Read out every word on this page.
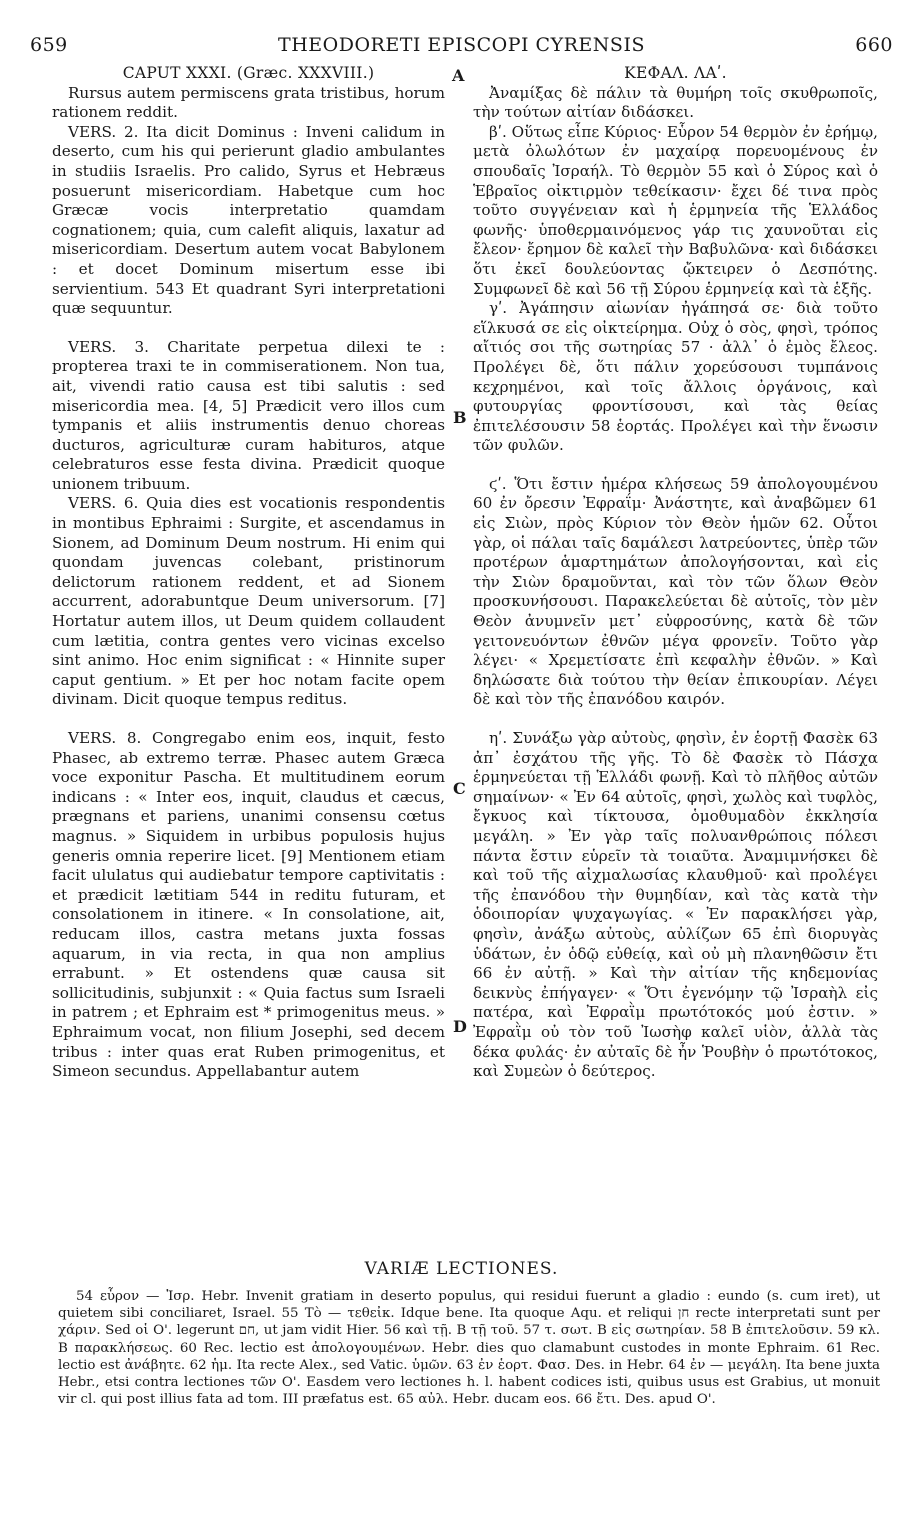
659	THEODORETI EPISCOPI CYRENSIS	660

CAPUT XXXI. (Græc. XXXVIII.)

Rursus autem permiscens grata tristibus, horum rationem reddit.

VERS. 2. Ita dicit Dominus : Inveni calidum in deserto, cum his qui perierunt gladio ambulantes in studiis Israelis. Pro calido, Syrus et Hebræus posuerunt misericordiam. Habetque cum hoc Græcæ vocis interpretatio quamdam cognationem; quia, cum calefit aliquis, laxatur ad misericordiam. Desertum autem vocat Babylonem : et docet Dominum misertum esse ibi servientium. 543 Et quadrant Syri interpretationi quæ sequuntur.

VERS. 3. Charitate perpetua dilexi te : propterea traxi te in commiserationem. Non tua, ait, vivendi ratio causa est tibi salutis : sed misericordia mea. [4, 5] Prædicit vero illos cum tympanis et aliis instrumentis denuo choreas ducturos, agriculturæ curam habituros, atque celebraturos esse festa divina. Prædicit quoque unionem tribuum.

VERS. 6. Quia dies est vocationis respondentis in montibus Ephraimi : Surgite, et ascendamus in Sionem, ad Dominum Deum nostrum. Hi enim qui quondam juvencas colebant, pristinorum delictorum rationem reddent, et ad Sionem accurrent, adorabuntque Deum universorum. [7] Hortatur autem illos, ut Deum quidem collaudent cum lætitia, contra gentes vero vicinas excelso sint animo. Hoc enim significat : « Hinnite super caput gentium. » Et per hoc notam facite opem divinam. Dicit quoque tempus reditus.

VERS. 8. Congregabo enim eos, inquit, festo Phasec, ab extremo terræ. Phasec autem Græca voce exponitur Pascha. Et multitudinem eorum indicans : « Inter eos, inquit, claudus et cæcus, prægnans et pariens, unanimi consensu cœtus magnus. » Siquidem in urbibus populosis hujus generis omnia reperire licet. [9] Mentionem etiam facit ululatus qui audiebatur tempore captivitatis : et prædicit lætitiam 544 in reditu futuram, et consolationem in itinere. « In consolatione, ait, reducam illos, castra metans juxta fossas aquarum, in via recta, in qua non amplius errabunt. » Et ostendens quæ causa sit sollicitudinis, subjunxit : « Quia factus sum Israeli in patrem ; et Ephraim est * primogenitus meus. » Ephraimum vocat, non filium Josephi, sed decem tribus : inter quas erat Ruben primogenitus, et Simeon secundus. Appellabantur autem

A
B
C
D

ΚΕΦΑΛ. ΛΑʹ.

Ἀναμίξας δὲ πάλιν τὰ θυμήρη τοῖς σκυθρωποῖς, τὴν τούτων αἰτίαν διδάσκει.

βʹ. Οὕτως εἶπε Κύριος· Εὗρον 54 θερμὸν ἐν ἐρήμῳ, μετὰ ὀλωλότων ἐν μαχαίρᾳ πορευομένους ἐν σπουδαῖς Ἰσραήλ. Τὸ θερμὸν 55 καὶ ὁ Σύρος καὶ ὁ Ἑβραῖος οἰκτιρμὸν τεθείκασιν· ἔχει δέ τινα πρὸς τοῦτο συγγένειαν καὶ ἡ ἑρμηνεία τῆς Ἑλλάδος φωνῆς· ὑποθερμαινόμενος γάρ τις χαυνοῦται εἰς ἔλεον· ἔρημον δὲ καλεῖ τὴν Βαβυλῶνα· καὶ διδάσκει ὅτι ἐκεῖ δουλεύοντας ᾤκτειρεν ὁ Δεσπότης. Συμφωνεῖ δὲ καὶ 56 τῇ Σύρου ἑρμηνείᾳ καὶ τὰ ἑξῆς.

γʹ. Ἀγάπησιν αἰωνίαν ἠγάπησά σε· διὰ τοῦτο εἵλκυσά σε εἰς οἰκτείρημα. Οὐχ ὁ σὸς, φησὶ, τρόπος αἴτιός σοι τῆς σωτηρίας 57 · ἀλλ᾽ ὁ ἐμὸς ἔλεος. Προλέγει δὲ, ὅτι πάλιν χορεύσουσι τυμπάνοις κεχρημένοι, καὶ τοῖς ἄλλοις ὀργάνοις, καὶ φυτουργίας φροντίσουσι, καὶ τὰς θείας ἐπιτελέσουσιν 58 ἑορτάς. Προλέγει καὶ τὴν ἕνωσιν τῶν φυλῶν.

ϛʹ. Ὅτι ἔστιν ἡμέρα κλήσεως 59 ἀπολογουμένου 60 ἐν ὄρεσιν Ἐφραΐμ· Ἀνάστητε, καὶ ἀναβῶμεν 61 εἰς Σιὼν, πρὸς Κύριον τὸν Θεὸν ἡμῶν 62. Οὗτοι γὰρ, οἱ πάλαι ταῖς δαμάλεσι λατρεύοντες, ὑπὲρ τῶν προτέρων ἁμαρτημάτων ἀπολογήσονται, καὶ εἰς τὴν Σιὼν δραμοῦνται, καὶ τὸν τῶν ὅλων Θεὸν προσκυνήσουσι. Παρακελεύεται δὲ αὐτοῖς, τὸν μὲν Θεὸν ἀνυμνεῖν μετ᾽ εὐφροσύνης, κατὰ δὲ τῶν γειτονευόντων ἐθνῶν μέγα φρονεῖν. Τοῦτο γὰρ λέγει· « Χρεμετίσατε ἐπὶ κεφαλὴν ἐθνῶν. » Καὶ δηλώσατε διὰ τούτου τὴν θείαν ἐπικουρίαν. Λέγει δὲ καὶ τὸν τῆς ἐπανόδου καιρόν.

ηʹ. Συνάξω γὰρ αὐτοὺς, φησὶν, ἐν ἑορτῇ Φασὲκ 63 ἀπ᾽ ἐσχάτου τῆς γῆς. Τὸ δὲ Φασὲκ τὸ Πάσχα ἑρμηνεύεται τῇ Ἑλλάδι φωνῇ. Καὶ τὸ πλῆθος αὐτῶν σημαίνων· « Ἐν 64 αὐτοῖς, φησὶ, χωλὸς καὶ τυφλὸς, ἔγκυος καὶ τίκτουσα, ὁμοθυμαδὸν ἐκκλησία μεγάλη. » Ἐν γὰρ ταῖς πολυανθρώποις πόλεσι πάντα ἔστιν εὑρεῖν τὰ τοιαῦτα. Ἀναμιμνήσκει δὲ καὶ τοῦ τῆς αἰχμαλωσίας κλαυθμοῦ· καὶ προλέγει τῆς ἐπανόδου τὴν θυμηδίαν, καὶ τὰς κατὰ τὴν ὁδοιπορίαν ψυχαγωγίας. « Ἐν παρακλήσει γὰρ, φησὶν, ἀνάξω αὐτοὺς, αὐλίζων 65 ἐπὶ διορυγὰς ὑδάτων, ἐν ὁδῷ εὐθείᾳ, καὶ οὐ μὴ πλανηθῶσιν ἔτι 66 ἐν αὐτῇ. » Καὶ τὴν αἰτίαν τῆς κηδεμονίας δεικνὺς ἐπήγαγεν· « Ὅτι ἐγενόμην τῷ Ἰσραὴλ εἰς πατέρα, καὶ Ἐφραῒμ πρωτότοκός μού ἐστιν. » Ἐφραῒμ οὐ τὸν τοῦ Ἰωσὴφ καλεῖ υἱὸν, ἀλλὰ τὰς δέκα φυλάς· ἐν αὐταῖς δὲ ἦν Ῥουβὴν ὁ πρωτότοκος, καὶ Συμεὼν ὁ δεύτερος.

VARIÆ LECTIONES.

54 εὗρον — Ἰσρ. Hebr. Invenit gratiam in deserto populus, qui residui fuerunt a gladio : eundo (s. cum iret), ut quietem sibi conciliaret, Israel. 55 Τὸ — τεθεἰκ. Idque bene. Ita quoque Aqu. et reliqui חן recte interpretati sunt per χάριν. Sed οἱ Ο'. legerunt חם, ut jam vidit Hier. 56 καὶ τῇ. B τῇ τοῦ. 57 τ. σωτ. B εἰς σωτηρίαν. 58 B ἐπιτελοῦσιν. 59 κλ. B παρακλήσεως. 60 Rec. lectio est ἀπολογουμένων. Hebr. dies quo clamabunt custodes in monte Ephraim. 61 Rec. lectio est ἀνάβητε. 62 ἡμ. Ita recte Alex., sed Vatic. ὑμῶν. 63 ἐν ἑορτ. Φασ. Des. in Hebr. 64 ἐν — μεγάλη. Ita bene juxta Hebr., etsi contra lectiones τῶν Ο'. Easdem vero lectiones h. l. habent codices isti, quibus usus est Grabius, ut monuit vir cl. qui post illius fata ad tom. III præfatus est. 65 αὐλ. Hebr. ducam eos. 66 ἔτι. Des. apud Ο'.
